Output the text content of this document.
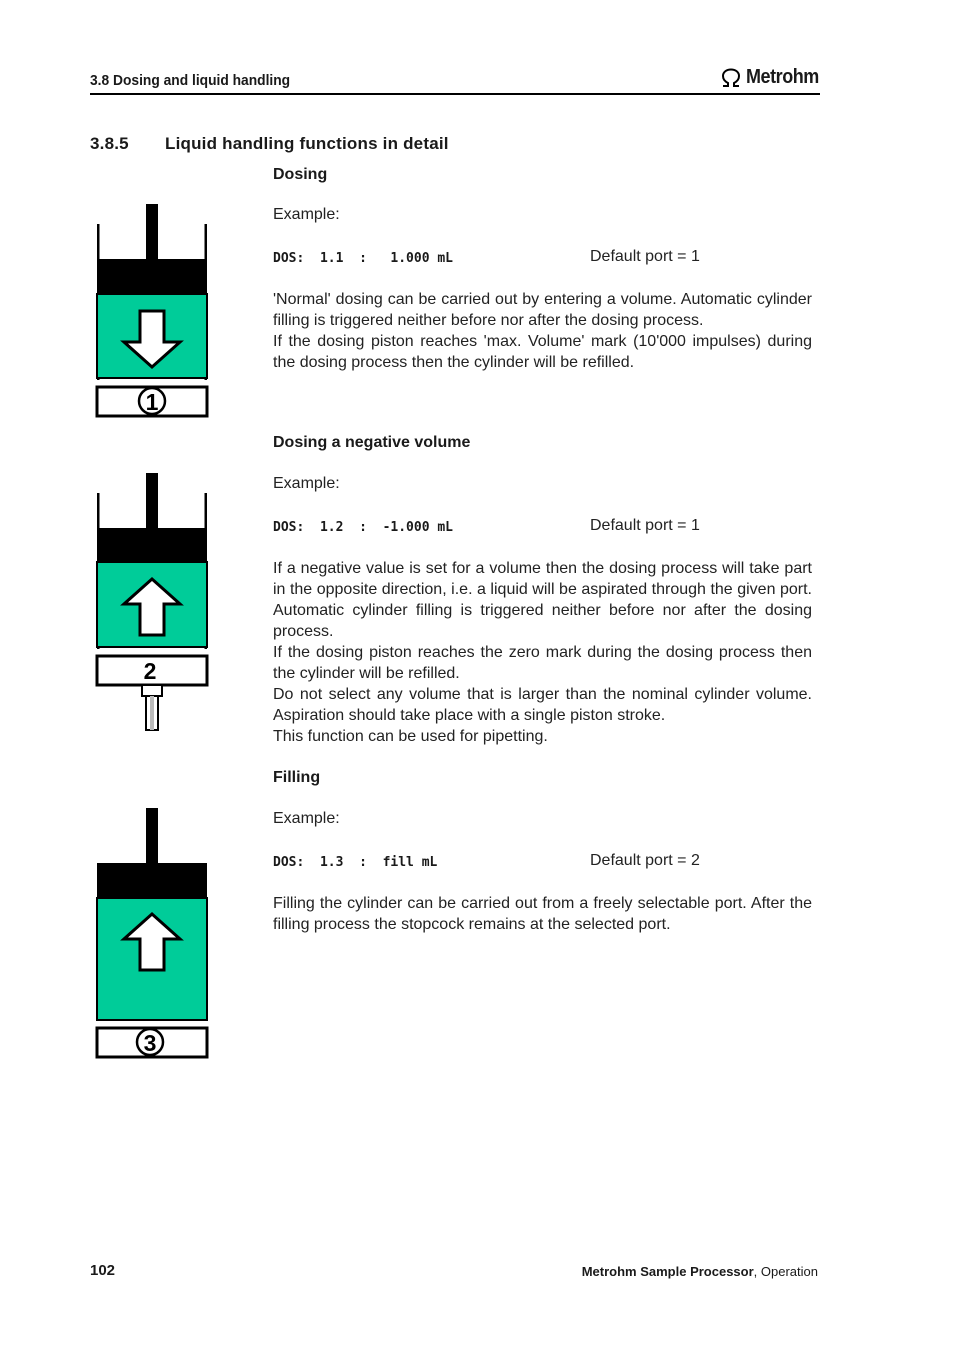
3.8 Dosing and liquid handling	Metrohm
3.8.5 Liquid handling functions in detail
Dosing
Example:
DOS:  1.1  :   1.000 mL	Default port = 1

'Normal' dosing can be carried out by entering a volume. Automatic cylinder filling is triggered neither before nor after the dosing process.

If the dosing piston reaches 'max. Volume' mark (10'000 impulses) during the dosing process then the cylinder will be refilled.

1
Dosing a negative volume
Example:
DOS:  1.2  :  -1.000 mL	Default port = 1

If a negative value is set for a volume then the dosing process will take part in the opposite direction, i.e. a liquid will be aspirated through the given port. Automatic cylinder filling is triggered neither before nor after the dosing process.

If the dosing piston reaches the zero mark during the dosing process then the cylinder will be refilled.

Do not select any volume that is larger than the nominal cylinder volume. Aspiration should take place with a single piston stroke.

This function can be used for pipetting.

2
Filling
Example:
DOS:  1.3  :  fill mL	Default port = 2

Filling the cylinder can be carried out from a freely selectable port. After the filling process the stopcock remains at the selected port.

3
102	Metrohm Sample Processor, Operation
